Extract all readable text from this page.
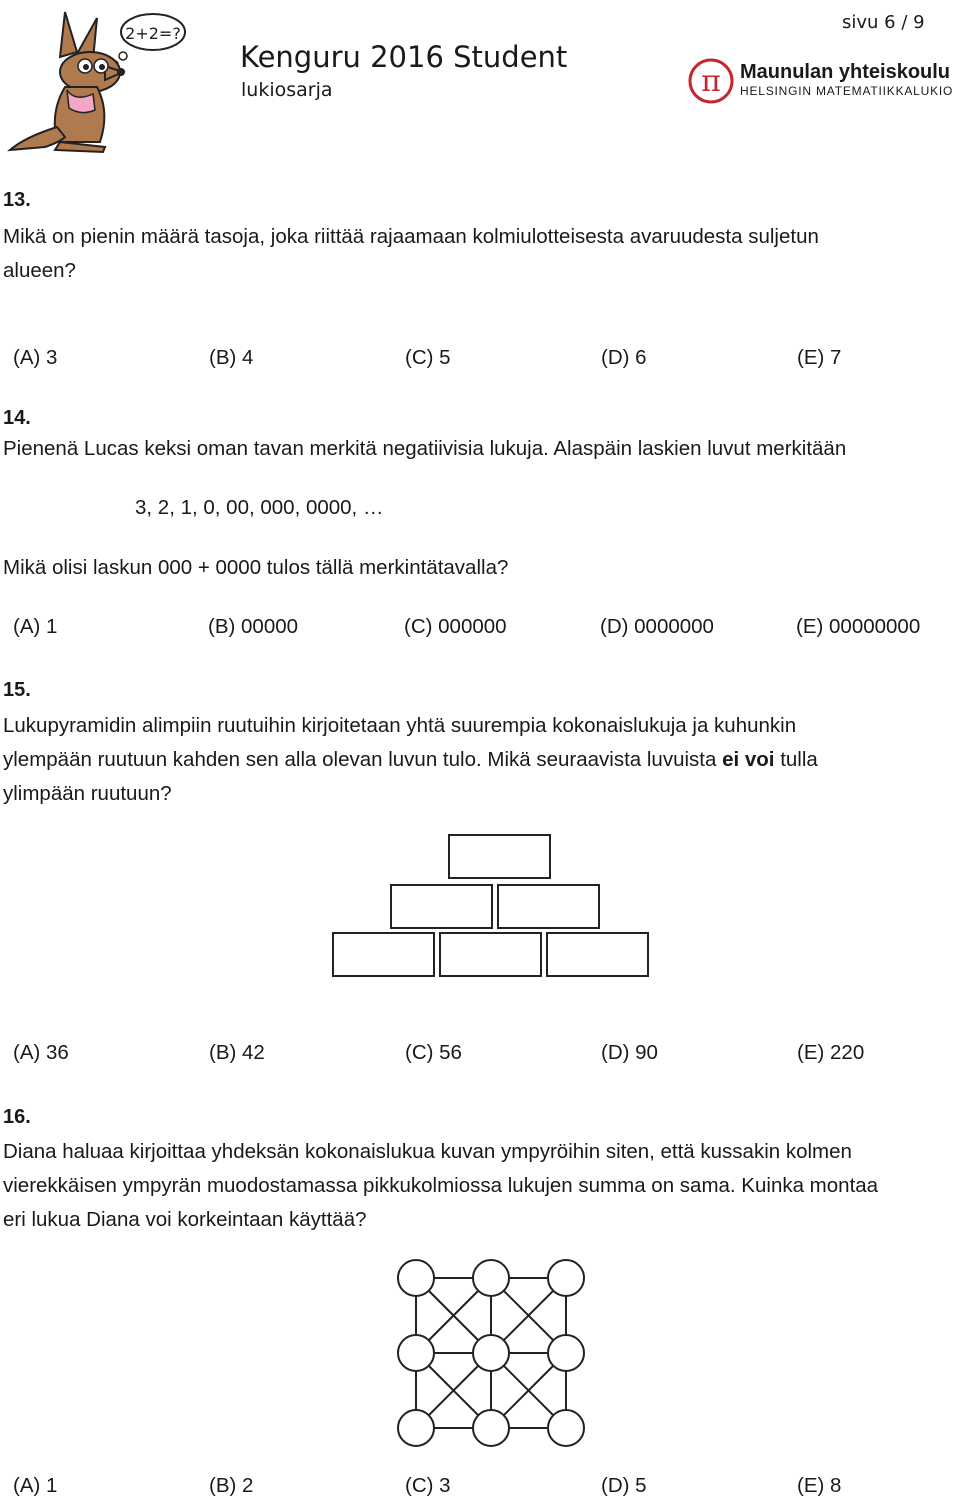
sivu 6 / 9
2+2=?
Kenguru 2016 Student
lukiosarja	π Maunulan yhteiskoulu
HELSINGIN MATEMATIIKKALUKIO
13.
Mikä on pienin määrä tasoja, joka riittää rajaamaan kolmiulotteisesta avaruudesta suljetun
alueen?
(A) 3	(B) 4	(C) 5	(D) 6	(E) 7
14.
Pienenä Lucas keksi oman tavan merkitä negatiivisia lukuja. Alaspäin laskien luvut merkitään
3, 2, 1, 0, 00, 000, 0000, …
Mikä olisi laskun 000 + 0000 tulos tällä merkintätavalla?
(A) 1	(B) 00000	(C) 000000	(D) 0000000	(E) 00000000
15.
Lukupyramidin alimpiin ruutuihin kirjoitetaan yhtä suurempia kokonaislukuja ja kuhunkin
ylempään ruutuun kahden sen alla olevan luvun tulo. Mikä seuraavista luvuista ei voi tulla
ylimpään ruutuun?
(A) 36	(B) 42	(C) 56	(D) 90	(E) 220
16.
Diana haluaa kirjoittaa yhdeksän kokonaislukua kuvan ympyröihin siten, että kussakin kolmen
vierekkäisen ympyrän muodostamassa pikkukolmiossa lukujen summa on sama. Kuinka montaa
eri lukua Diana voi korkeintaan käyttää?
(A) 1	(B) 2	(C) 3	(D) 5	(E) 8
